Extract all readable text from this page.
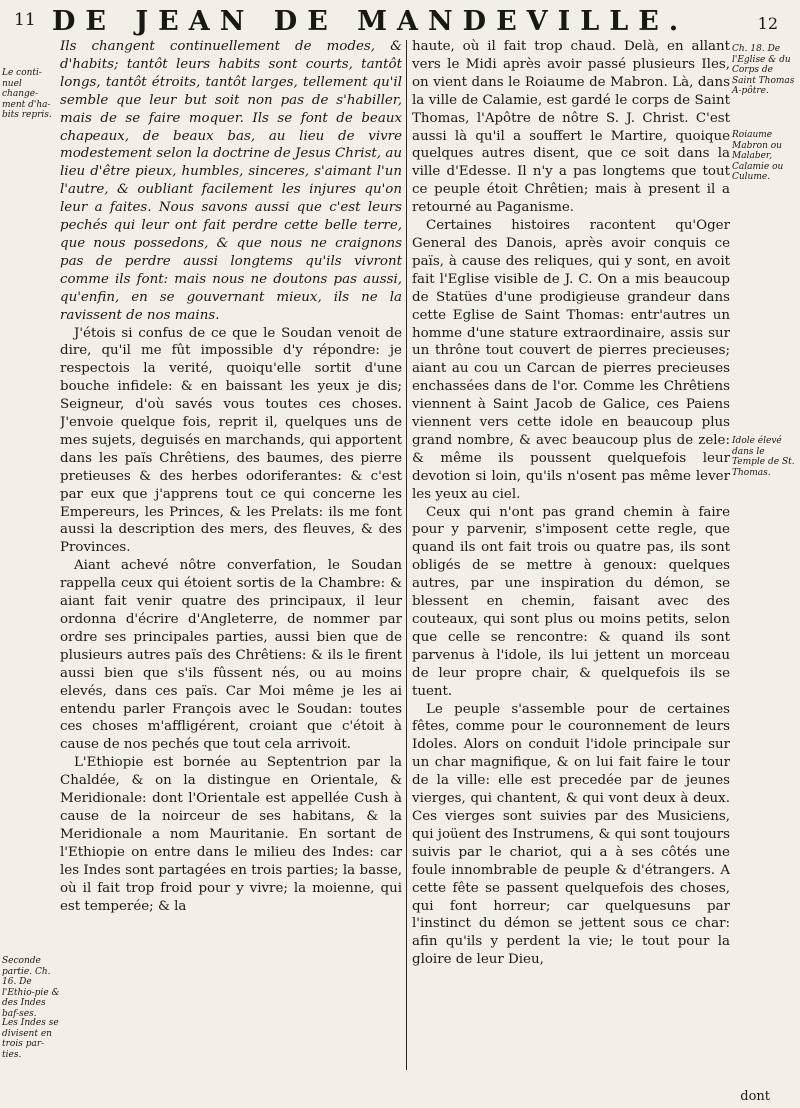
11 DE JEAN DE MANDEVILLE.	12
Le conti-nuel change-ment d'ha-bits repris.
Seconde partie. Ch. 16. De l'Ethio-pie & des Indes baf-ses.
Les Indes se divisent en trois par-ties.

Ils changent continuellement de modes, & d'habits; tantôt leurs habits sont courts, tantôt longs, tantôt étroits, tantôt larges, tellement qu'il semble que leur but soit non pas de s'habiller, mais de se faire moquer. Ils se font de beaux chapeaux, de beaux bas, au lieu de vivre modestement selon la doctrine de Jesus Christ, au lieu d'être pieux, humbles, sinceres, s'aimant l'un l'autre, & oubliant facilement les injures qu'on leur a faites. Nous savons aussi que c'est leurs pechés qui leur ont fait perdre cette belle terre, que nous possedons, & que nous ne craignons pas de perdre aussi longtems qu'ils vivront comme ils font: mais nous ne doutons pas aussi, qu'enfin, en se gouvernant mieux, ils ne la ravissent de nos mains.

J'étois si confus de ce que le Soudan venoit de dire, qu'il me fût impossible d'y répondre: je respectois la verité, quoiqu'elle sortit d'une bouche infidele: & en baissant les yeux je dis; Seigneur, d'où savés vous toutes ces choses. J'envoie quelque fois, reprit il, quelques uns de mes sujets, deguisés en marchands, qui apportent dans les païs Chrêtiens, des baumes, des pierre pretieuses & des herbes odoriferantes: & c'est par eux que j'apprens tout ce qui concerne les Empereurs, les Princes, & les Prelats: ils me font aussi la description des mers, des fleuves, & des Provinces.

Aiant achevé nôtre converfation, le Soudan rappella ceux qui étoient sortis de la Chambre: & aiant fait venir quatre des principaux, il leur ordonna d'écrire d'Angleterre, de nommer par ordre ses principales parties, aussi bien que de plusieurs autres païs des Chrêtiens: & ils le firent aussi bien que s'ils fûssent nés, ou au moins elevés, dans ces païs. Car Moi même je les ai entendu parler François avec le Soudan: toutes ces choses m'affligérent, croiant que c'étoit à cause de nos pechés que tout cela arrivoit.

L'Ethiopie est bornée au Septentrion par la Chaldée, & on la distingue en Orientale, & Meridionale: dont l'Orientale est appellée Cush à cause de la noirceur de ses habitans, & la Meridionale a nom Mauritanie. En sortant de l'Ethiopie on entre dans le milieu des Indes: car les Indes sont partagées en trois parties; la basse, où il fait trop froid pour y vivre; la moienne, qui est temperée; & la

haute, où il fait trop chaud. Delà, en allant vers le Midi après avoir passé plusieurs Iles, on vient dans le Roiaume de Mabron. Là, dans la ville de Calamie, est gardé le corps de Saint Thomas, l'Apôtre de nôtre S. J. Christ. C'est aussi là qu'il a souffert le Martire, quoique quelques autres disent, que ce soit dans la ville d'Edesse. Il n'y a pas longtems que tout ce peuple étoit Chrêtien; mais à present il a retourné au Paganisme.

Certaines histoires racontent qu'Oger General des Danois, après avoir conquis ce païs, à cause des reliques, qui y sont, en avoit fait l'Eglise visible de J. C. On a mis beaucoup de Statües d'une prodigieuse grandeur dans cette Eglise de Saint Thomas: entr'autres un homme d'une stature extraordinaire, assis sur un thrône tout couvert de pierres precieuses; aiant au cou un Carcan de pierres precieuses enchassées dans de l'or. Comme les Chrêtiens viennent à Saint Jacob de Galice, ces Paiens viennent vers cette idole en beaucoup plus grand nombre, & avec beaucoup plus de zele: & même ils poussent quelquefois leur devotion si loin, qu'ils n'osent pas même lever les yeux au ciel.

Ceux qui n'ont pas grand chemin à faire pour y parvenir, s'imposent cette regle, que quand ils ont fait trois ou quatre pas, ils sont obligés de se mettre à genoux: quelques autres, par une inspiration du démon, se blessent en chemin, faisant avec des couteaux, qui sont plus ou moins petits, selon que celle se rencontre: & quand ils sont parvenus à l'idole, ils lui jettent un morceau de leur propre chair, & quelquefois ils se tuent.

Le peuple s'assemble pour de certaines fêtes, comme pour le couronnement de leurs Idoles. Alors on conduit l'idole principale sur un char magnifique, & on lui fait faire le tour de la ville: elle est precedée par de jeunes vierges, qui chantent, & qui vont deux à deux. Ces vierges sont suivies par des Musiciens, qui joüent des Instrumens, & qui sont toujours suivis par le chariot, qui a à ses côtés une foule innombrable de peuple & d'étrangers. A cette fête se passent quelquefois des choses, qui font horreur; car quelquesuns par l'instinct du démon se jettent sous ce char: afin qu'ils y perdent la vie; le tout pour la gloire de leur Dieu,

Ch. 18. De l'Eglise & du Corps de Saint Thomas A-pôtre.
Roiaume Mabron ou Malaber, Calamie ou Culume.
Idole élevé dans le Temple de St. Thomas.
dont
